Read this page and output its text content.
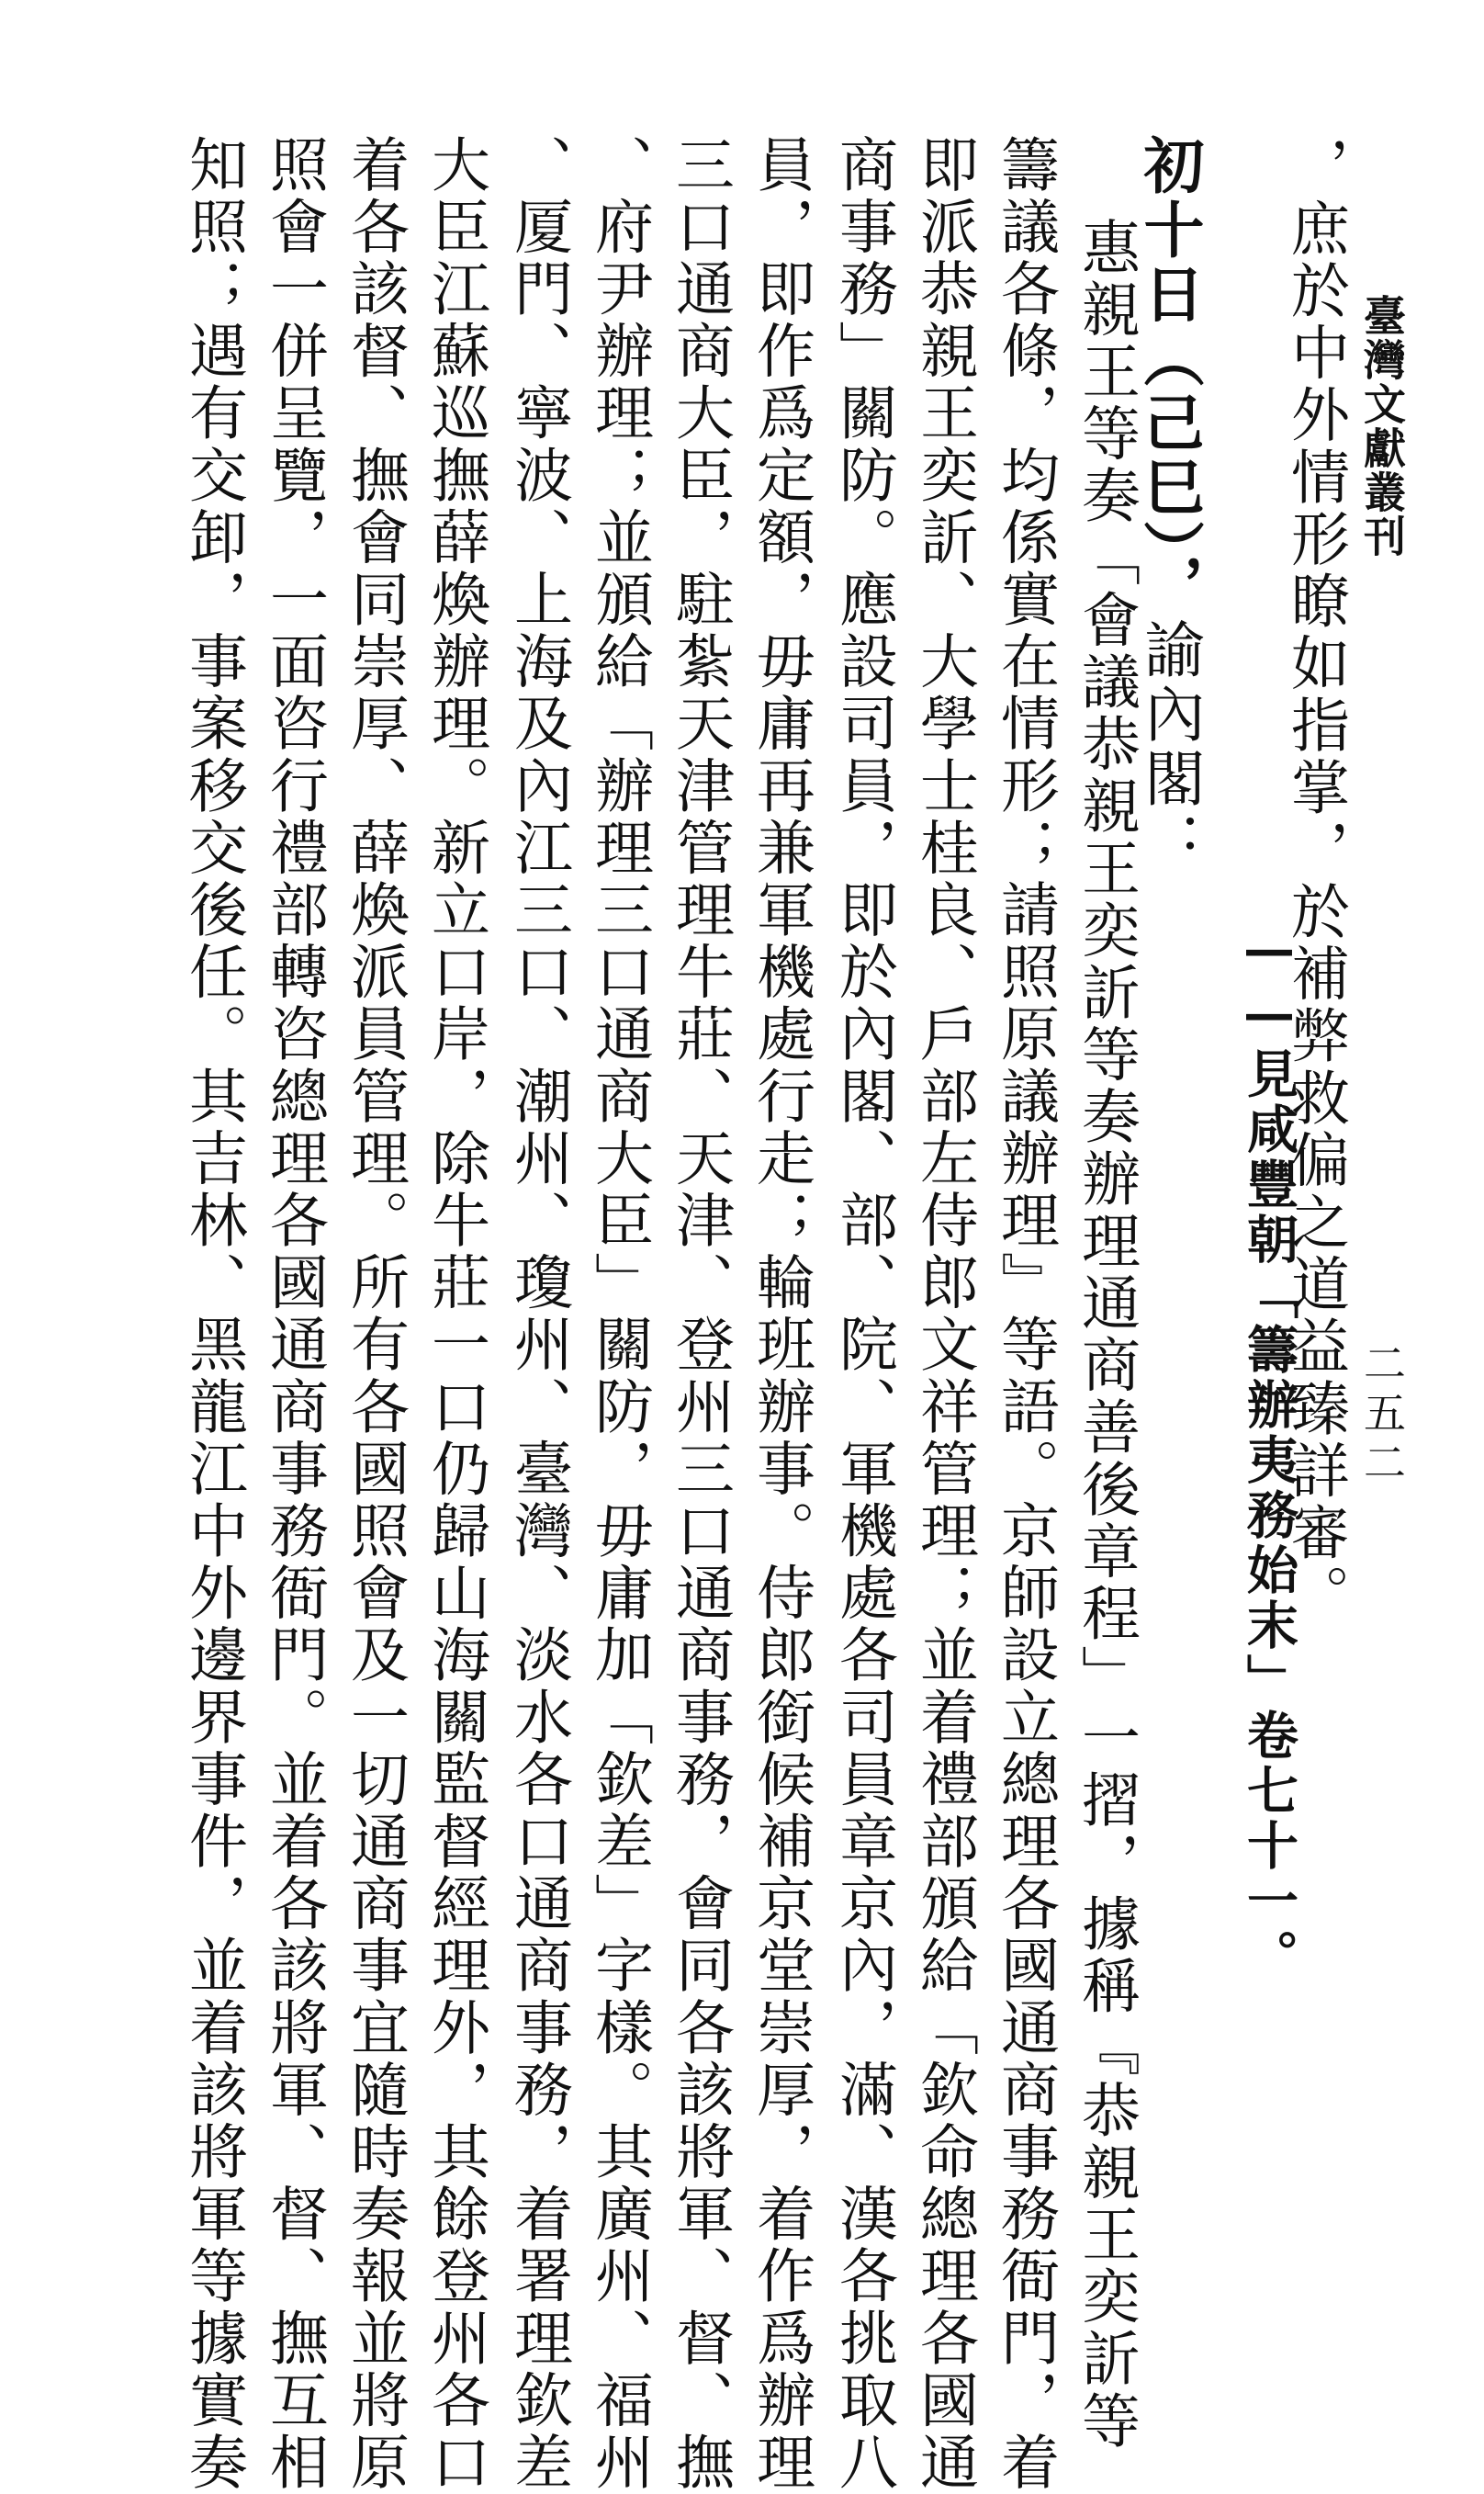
臺灣文獻叢刊
二五二
，庶於中外情形瞭如指掌，於補弊救偏之道益臻詳審。
——見咸豐朝「籌辦夷務始末」卷七十一。
初十日（己巳），諭內閣：
惠親王等奏「會議恭親王奕訢等奏辦理通商善後章程」一摺，據稱『恭親王奕訢等
籌議各條，均係實在情形；請照原議辦理』等語。京師設立總理各國通商事務衙門，着
即派恭親王奕訢、大學士桂良、戶部左侍郎文祥管理；並着禮部頒給「欽命總理各國通
商事務」關防。應設司員，即於內閣、部、院、軍機處各司員章京內，滿、漢各挑取八
員，即作爲定額，毋庸再兼軍機處行走；輪班辦事。侍郎銜候補京堂崇厚，着作爲辦理
三口通商大臣，駐紮天津管理牛莊、天津、登州三口通商事務，會同各該將軍、督、撫
、府尹辦理；並頒給「辦理三口通商大臣」關防，毋庸加「欽差」字樣。其廣州、福州
、厦門、寧波、上海及內江三口、潮州、瓊州、臺灣、淡水各口通商事務，着署理欽差
大臣江蘇巡撫薛煥辦理。新立口岸，除牛莊一口仍歸山海關監督經理外，其餘登州各口
着各該督、撫會同崇厚、薛煥派員管理。所有各國照會及一切通商事宜隨時奏報並將原
照會一併呈覽，一面咨行禮部轉咨總理各國通商事務衙門。並着各該將軍、督、撫互相
知照；遇有交卸，事案移交後任。其吉林、黑龍江中外邊界事件，並着該將軍等據實奏
